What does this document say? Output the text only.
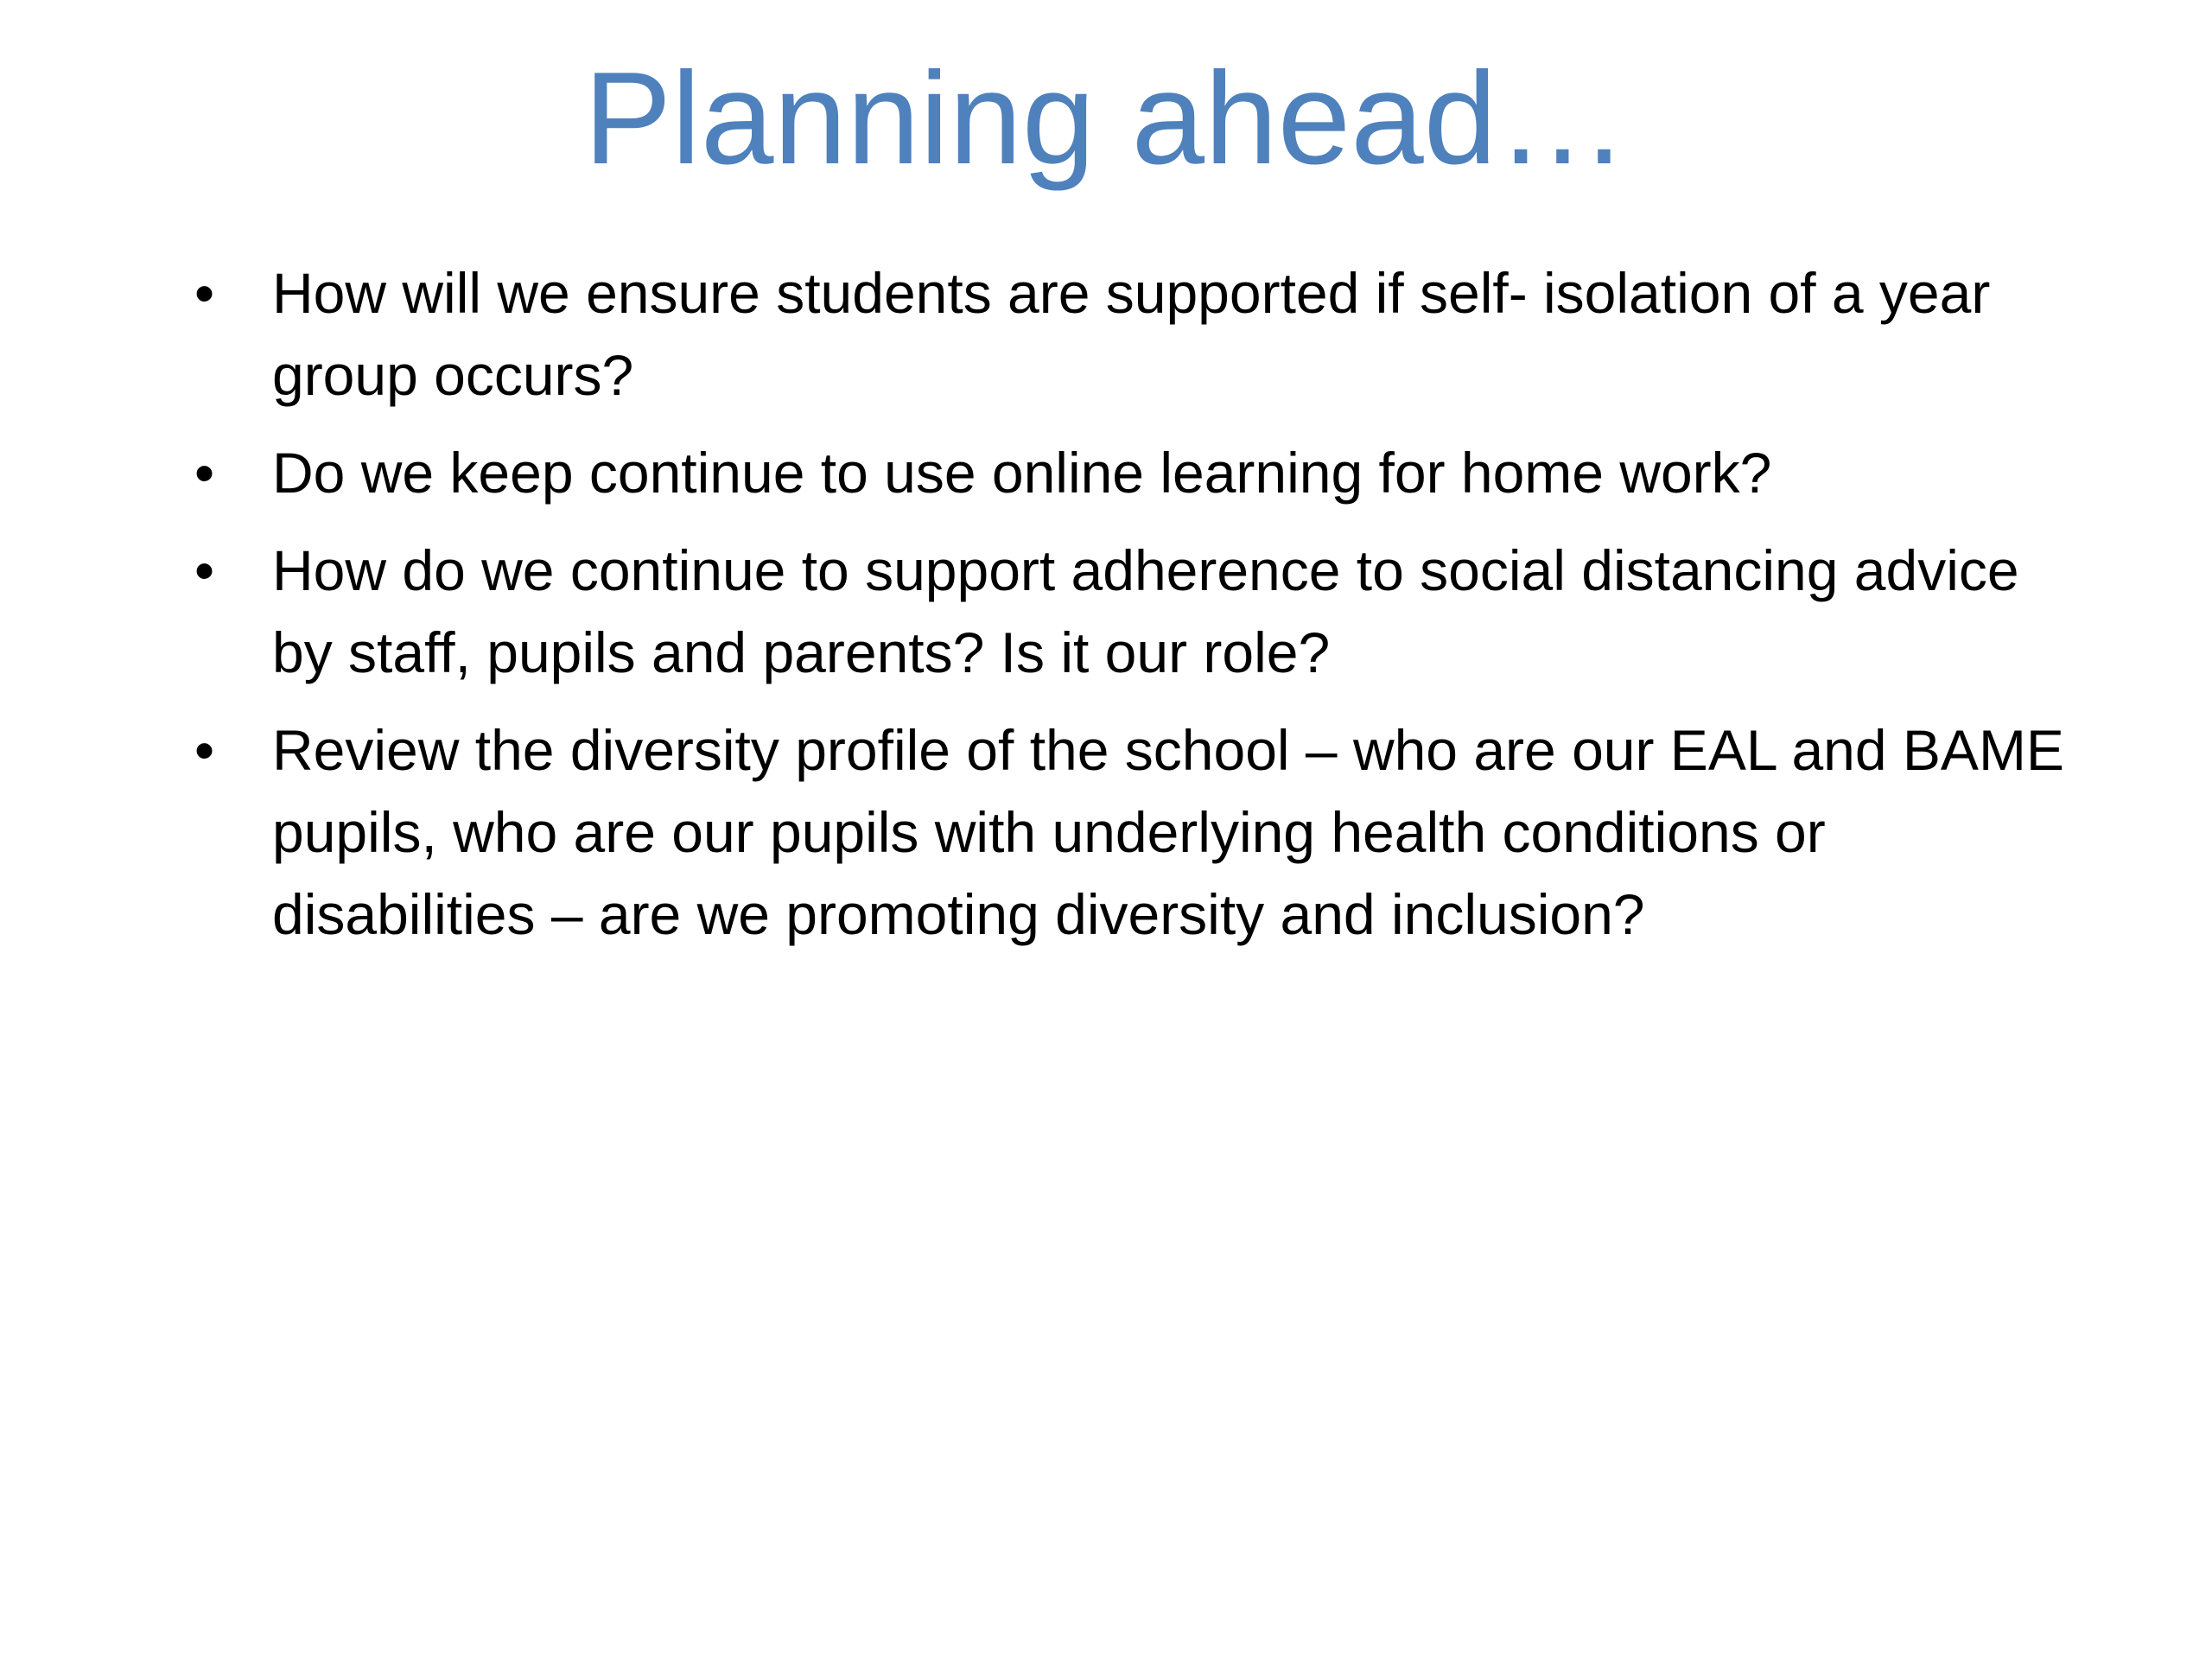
Planning ahead…
• How will we ensure students are supported if self- isolation of a year group occurs?
• Do we keep continue to use online learning for home work?
• How do we continue to support adherence to social distancing advice by staff, pupils and parents? Is it our role?
• Review the diversity profile of the school – who are our EAL and BAME pupils, who are our pupils with underlying health conditions or disabilities – are we promoting diversity and inclusion?
